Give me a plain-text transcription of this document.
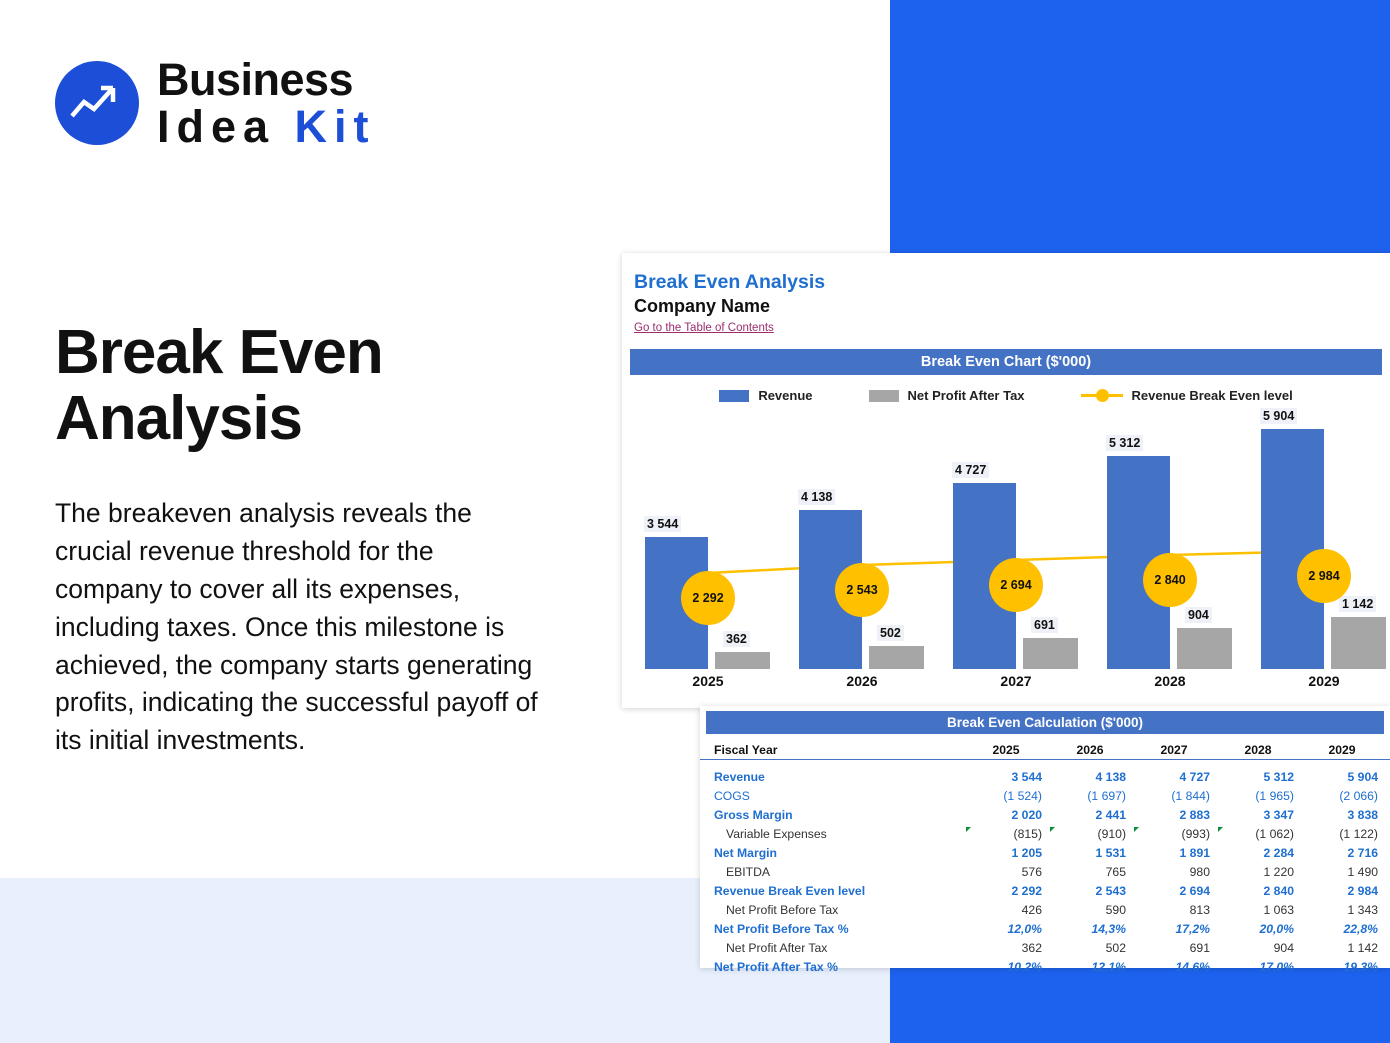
Business
Idea Kit
Break Even Analysis
The breakeven analysis reveals the crucial revenue threshold for the company to cover all its expenses, including taxes. Once this milestone is achieved, the company starts generating profits, indicating the successful payoff of its initial investments.
Break Even Analysis
Company Name
Go to the Table of Contents
Break Even Chart ($'000)
Revenue	Net Profit After Tax	Revenue Break Even level
3 544
362
2 292
4 138
502
2 543
4 727
691
2 694
5 312
904
2 840
5 904
1 142
2 984
2025	2026	2027	2028	2029
Break Even Calculation ($'000)
Fiscal Year	2025	2026	2027	2028	2029

Revenue	3 544	4 138	4 727	5 312	5 904
COGS	(1 524)	(1 697)	(1 844)	(1 965)	(2 066)
Gross Margin	2 020	2 441	2 883	3 347	3 838
Variable Expenses	(815)	(910)	(993)	(1 062)	(1 122)
Net Margin	1 205	1 531	1 891	2 284	2 716
EBITDA	576	765	980	1 220	1 490
Revenue Break Even level	2 292	2 543	2 694	2 840	2 984
Net Profit Before Tax	426	590	813	1 063	1 343
Net Profit Before Tax %	12,0%	14,3%	17,2%	20,0%	22,8%
Net Profit After Tax	362	502	691	904	1 142
Net Profit After Tax %	10,2%	12,1%	14,6%	17,0%	19,3%
